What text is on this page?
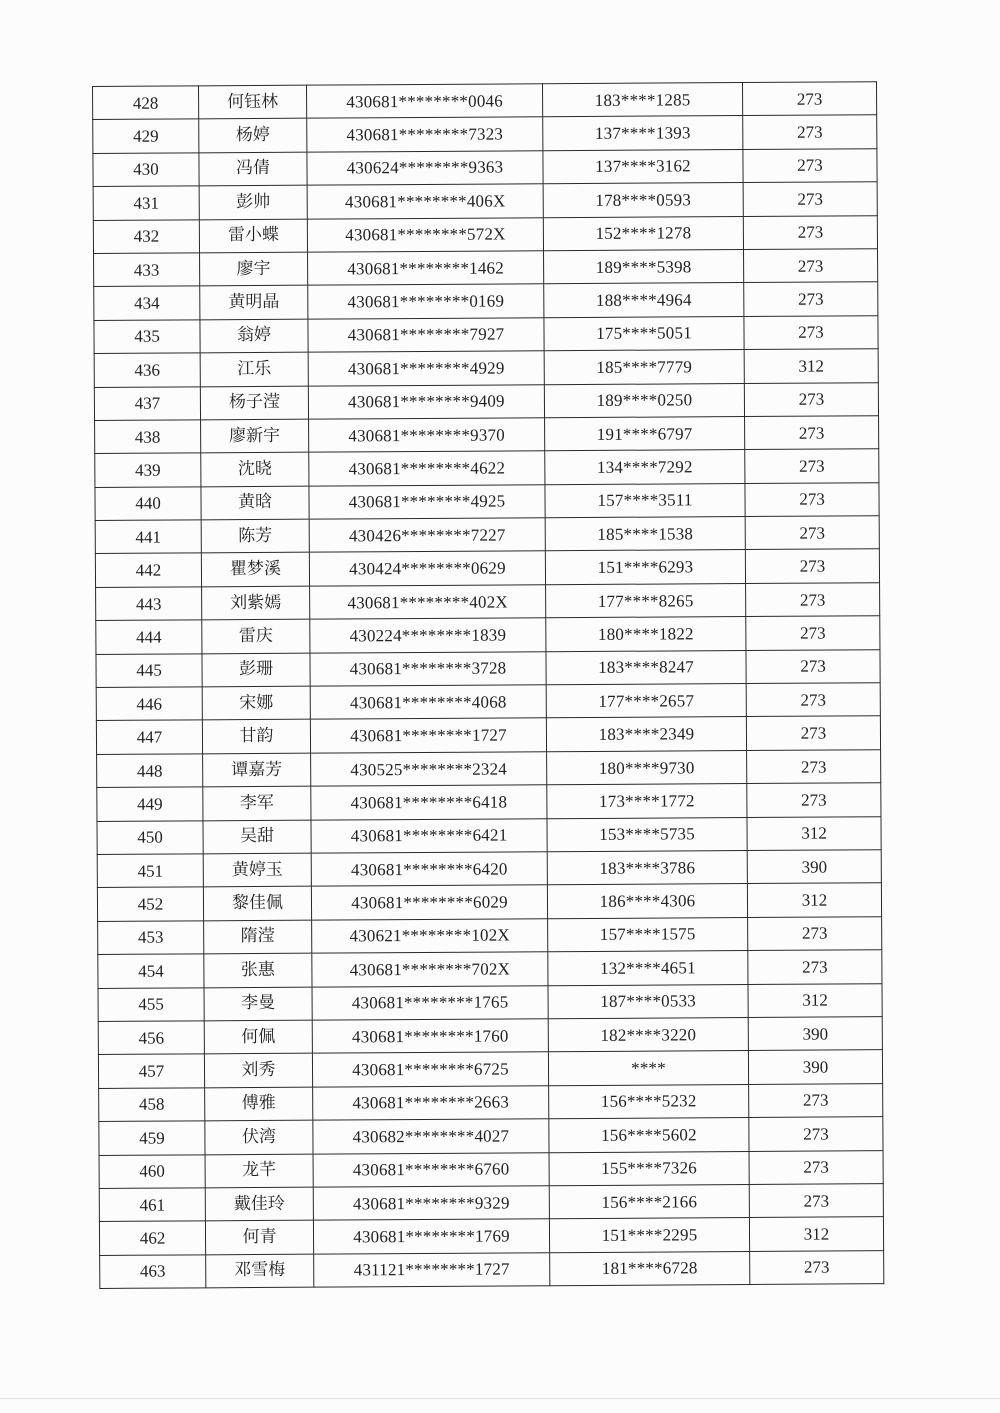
428	何钰林	430681********0046	183****1285	273
429	杨婷	430681********7323	137****1393	273
430	冯倩	430624********9363	137****3162	273
431	彭帅	430681********406X	178****0593	273
432	雷小蝶	430681********572X	152****1278	273
433	廖宇	430681********1462	189****5398	273
434	黄明晶	430681********0169	188****4964	273
435	翁婷	430681********7927	175****5051	273
436	江乐	430681********4929	185****7779	312
437	杨子滢	430681********9409	189****0250	273
438	廖新宇	430681********9370	191****6797	273
439	沈晓	430681********4622	134****7292	273
440	黄晗	430681********4925	157****3511	273
441	陈芳	430426********7227	185****1538	273
442	瞿梦溪	430424********0629	151****6293	273
443	刘紫嫣	430681********402X	177****8265	273
444	雷庆	430224********1839	180****1822	273
445	彭珊	430681********3728	183****8247	273
446	宋娜	430681********4068	177****2657	273
447	甘韵	430681********1727	183****2349	273
448	谭嘉芳	430525********2324	180****9730	273
449	李军	430681********6418	173****1772	273
450	吴甜	430681********6421	153****5735	312
451	黄婷玉	430681********6420	183****3786	390
452	黎佳佩	430681********6029	186****4306	312
453	隋滢	430621********102X	157****1575	273
454	张惠	430681********702X	132****4651	273
455	李曼	430681********1765	187****0533	312
456	何佩	430681********1760	182****3220	390
457	刘秀	430681********6725	****	390
458	傅雅	430681********2663	156****5232	273
459	伏湾	430682********4027	156****5602	273
460	龙芊	430681********6760	155****7326	273
461	戴佳玲	430681********9329	156****2166	273
462	何青	430681********1769	151****2295	312
463	邓雪梅	431121********1727	181****6728	273
